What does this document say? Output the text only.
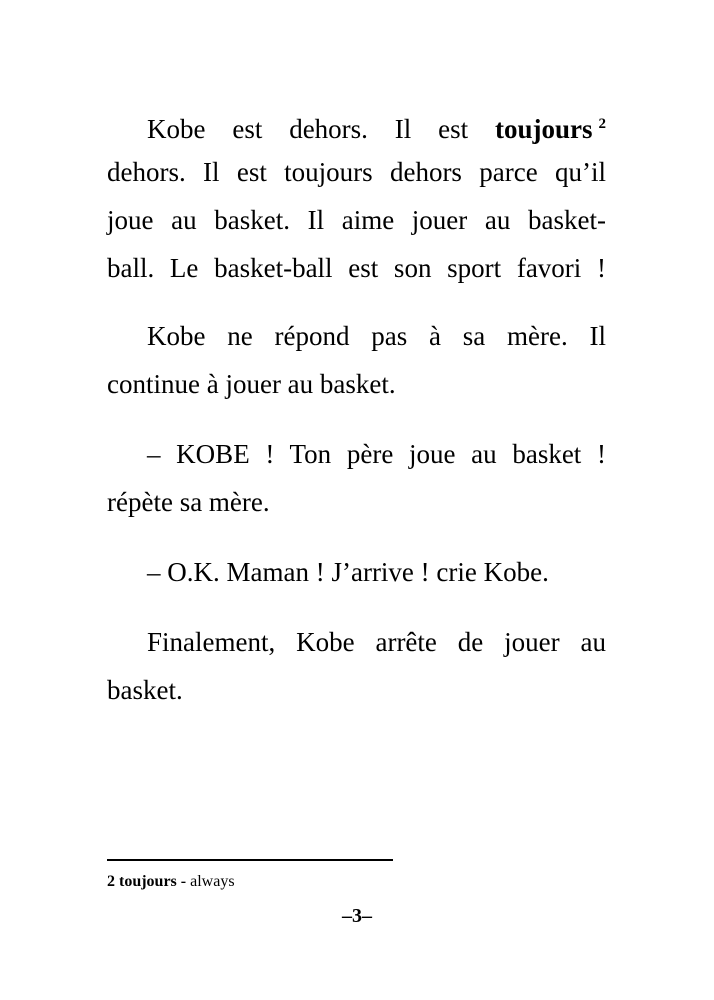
Kobe est dehors. Il est toujours $^2$
dehors. Il est toujours dehors parce qu’il
joue au basket. Il aime jouer au basket-
ball. Le basket-ball est son sport favori !
Kobe ne répond pas à sa mère. Il
continue à jouer au basket.
– KOBE ! Ton père joue au basket !
répète sa mère.
– O.K. Maman ! J’arrive ! crie Kobe.
Finalement, Kobe arrête de jouer au
basket.
2 toujours - always
–3–
